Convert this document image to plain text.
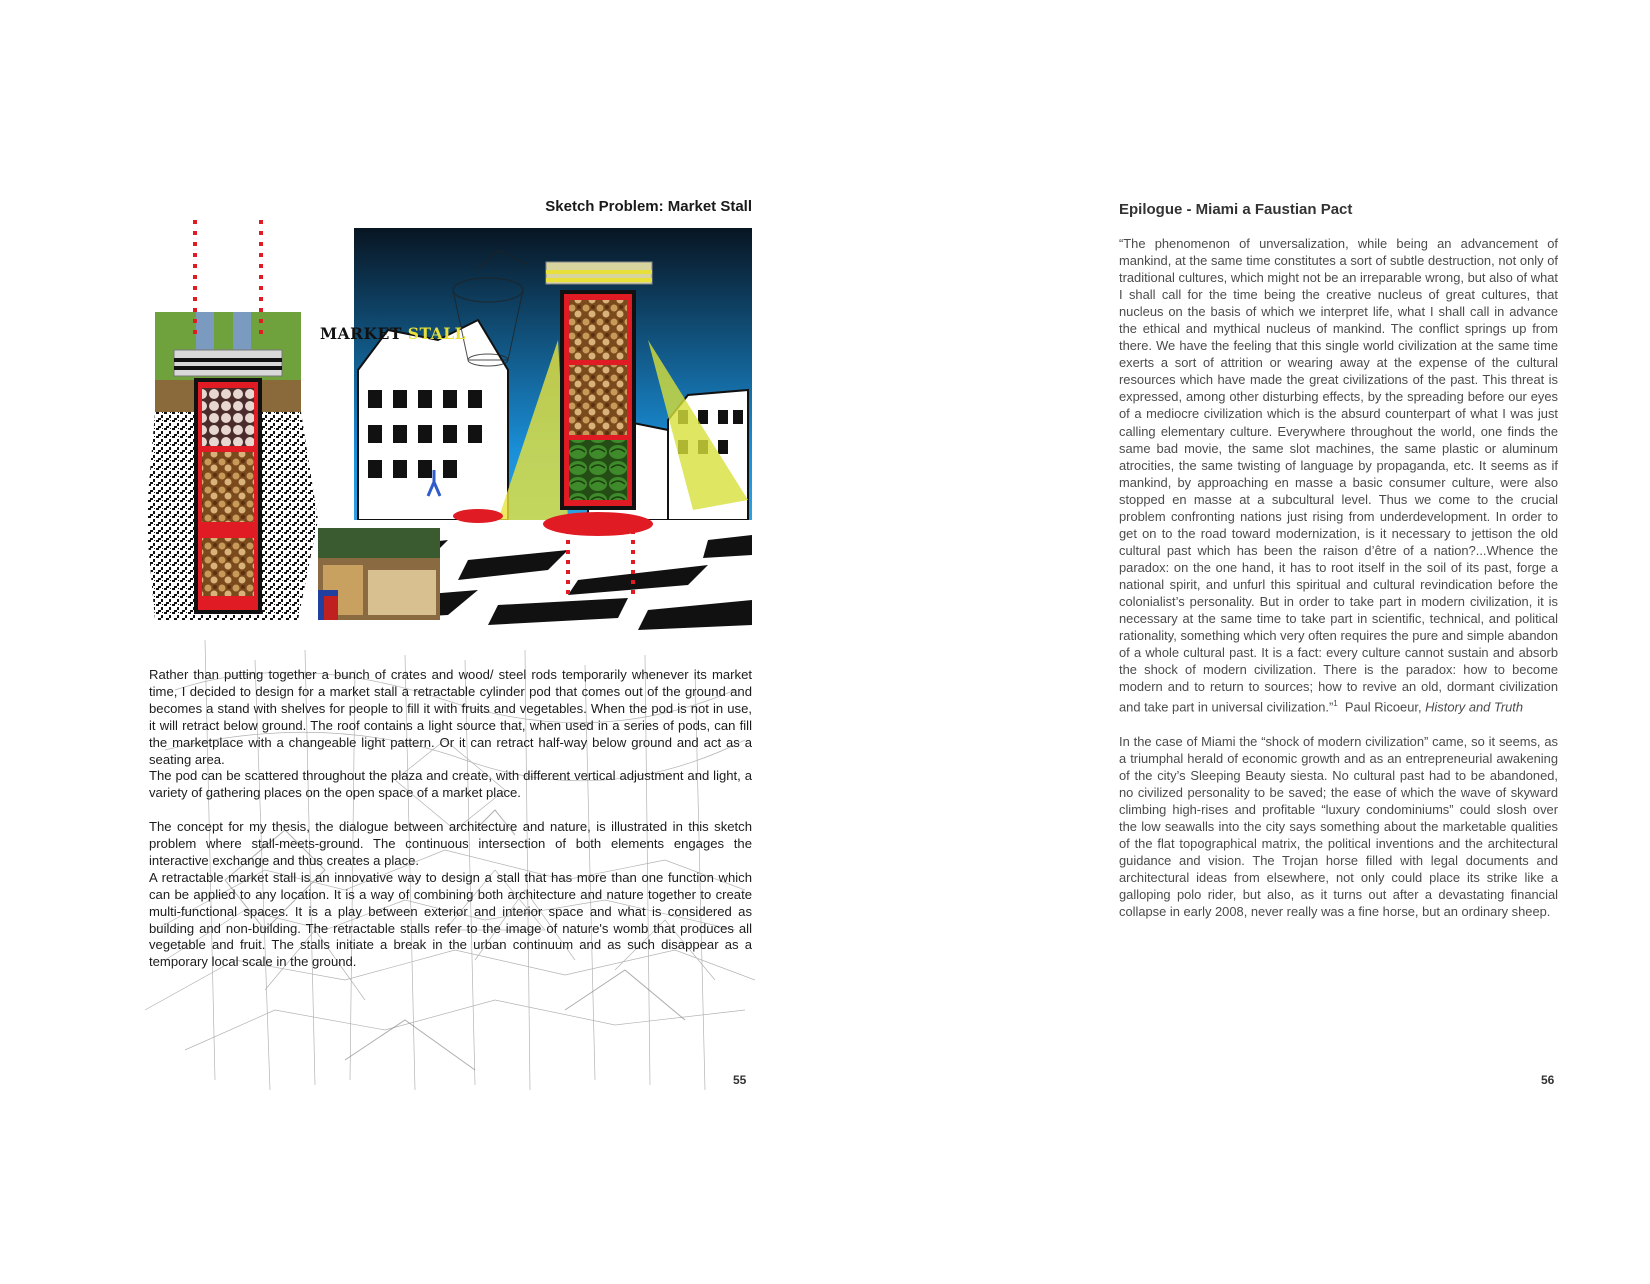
Sketch Problem: Market Stall
MARKET STALL

Rather than putting together a bunch of crates and wood/ steel rods temporarily whenever its market time, I decided to design for a market stall a retractable cylinder pod that comes out of the ground and becomes a stand with shelves for people to fill it with fruits and vegetables. When the pod is not in use, it will retract below ground. The roof contains a light source that, when used in a series of pods, can fill the marketplace with a changeable light pattern. Or it can retract half-way below ground and act as a seating area.

The pod can be scattered throughout the plaza and create, with different vertical adjustment and light, a variety of gathering places on the open space of a market place.

The concept for my thesis, the dialogue between architecture and nature, is illustrated in this sketch problem where stall-meets-ground. The continuous intersection of both elements engages the interactive exchange and thus creates a place.

A retractable market stall is an innovative way to design a stall that has more than one function which can be applied to any location. It is a way of combining both architecture and nature together to create multi-functional spaces. It is a play between exterior and interior space and what is considered as building and non-building. The retractable stalls refer to the image of nature's womb that produces all vegetable and fruit. The stalls initiate a break in the urban continuum and as such disappear as a temporary local scale in the ground.

55
Epilogue - Miami a Faustian Pact

“The phenomenon of unversalization, while being an advancement of mankind, at the same time constitutes a sort of subtle destruction, not only of traditional cultures, which might not be an irreparable wrong, but also of what I shall call for the time being the creative nucleus of great cultures, that nucleus on the basis of which we interpret life, what I shall call in advance the ethical and mythical nucleus of mankind. The conflict springs up from there. We have the feeling that this single world civilization at the same time exerts a sort of attrition or wearing away at the expense of the cultural resources which have made the great civilizations of the past. This threat is expressed, among other disturbing effects, by the spreading before our eyes of a mediocre civilization which is the absurd counterpart of what I was just calling elementary culture. Everywhere throughout the world, one finds the same bad movie, the same slot machines, the same plastic or aluminum atrocities, the same twisting of language by propaganda, etc. It seems as if mankind, by approaching en masse a basic consumer culture, were also stopped en masse at a subcultural level. Thus we come to the crucial problem confronting nations just rising from underdevelopment. In order to get on to the road toward modernization, is it necessary to jettison the old cultural past which has been the raison d’être of a nation?...Whence the paradox: on the one hand, it has to root itself in the soil of its past, forge a national spirit, and unfurl this spiritual and cultural revindication before the colonialist’s personality. But in order to take part in modern civilization, it is necessary at the same time to take part in scientific, technical, and political rationality, something which very often requires the pure and simple abandon of a whole cultural past. It is a fact: every culture cannot sustain and absorb the shock of modern civilization. There is the paradox: how to become modern and to return to sources; how to revive an old, dormant civilization and take part in universal civilization.”$^1$ Paul Ricoeur, History and Truth

In the case of Miami the “shock of modern civilization” came, so it seems, as a triumphal herald of economic growth and as an entrepreneurial awakening of the city’s Sleeping Beauty siesta. No cultural past had to be abandoned, no civilized personality to be saved; the ease of which the wave of skyward climbing high-rises and profitable “luxury condominiums” could slosh over the low seawalls into the city says something about the marketable qualities of the flat topographical matrix, the political inventions and the architectural guidance and vision. The Trojan horse filled with legal documents and architectural ideas from elsewhere, not only could place its strike like a galloping polo rider, but also, as it turns out after a devastating financial collapse in early 2008, never really was a fine horse, but an ordinary sheep.

56
